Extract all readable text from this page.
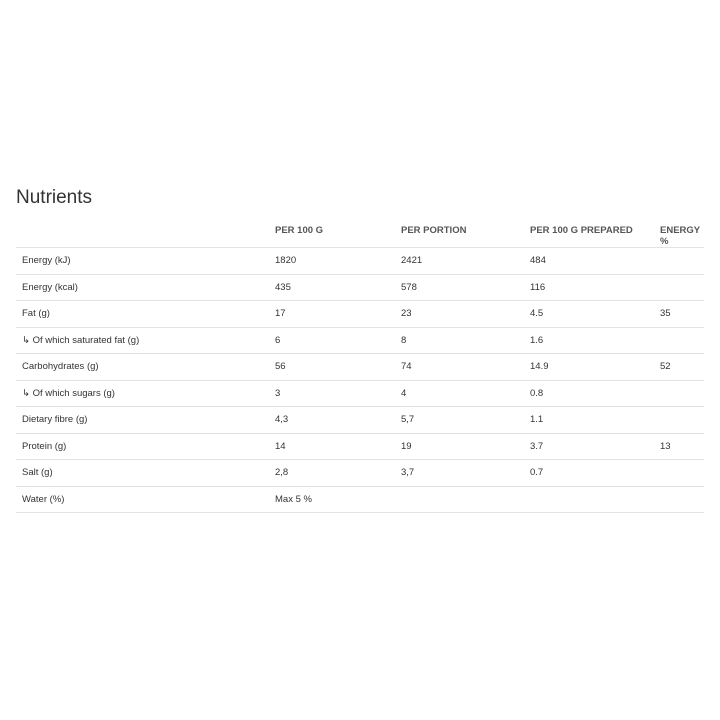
Nutrients
	PER 100 G	PER PORTION	PER 100 G PREPARED	ENERGY %
Energy (kJ)	1820	2421	484	
Energy (kcal)	435	578	116	
Fat (g)	17	23	4.5	35
↳ Of which saturated fat (g)	6	8	1.6	
Carbohydrates (g)	56	74	14.9	52
↳ Of which sugars (g)	3	4	0.8	
Dietary fibre (g)	4,3	5,7	1.1	
Protein (g)	14	19	3.7	13
Salt (g)	2,8	3,7	0.7	
Water (%)	Max 5 %			
